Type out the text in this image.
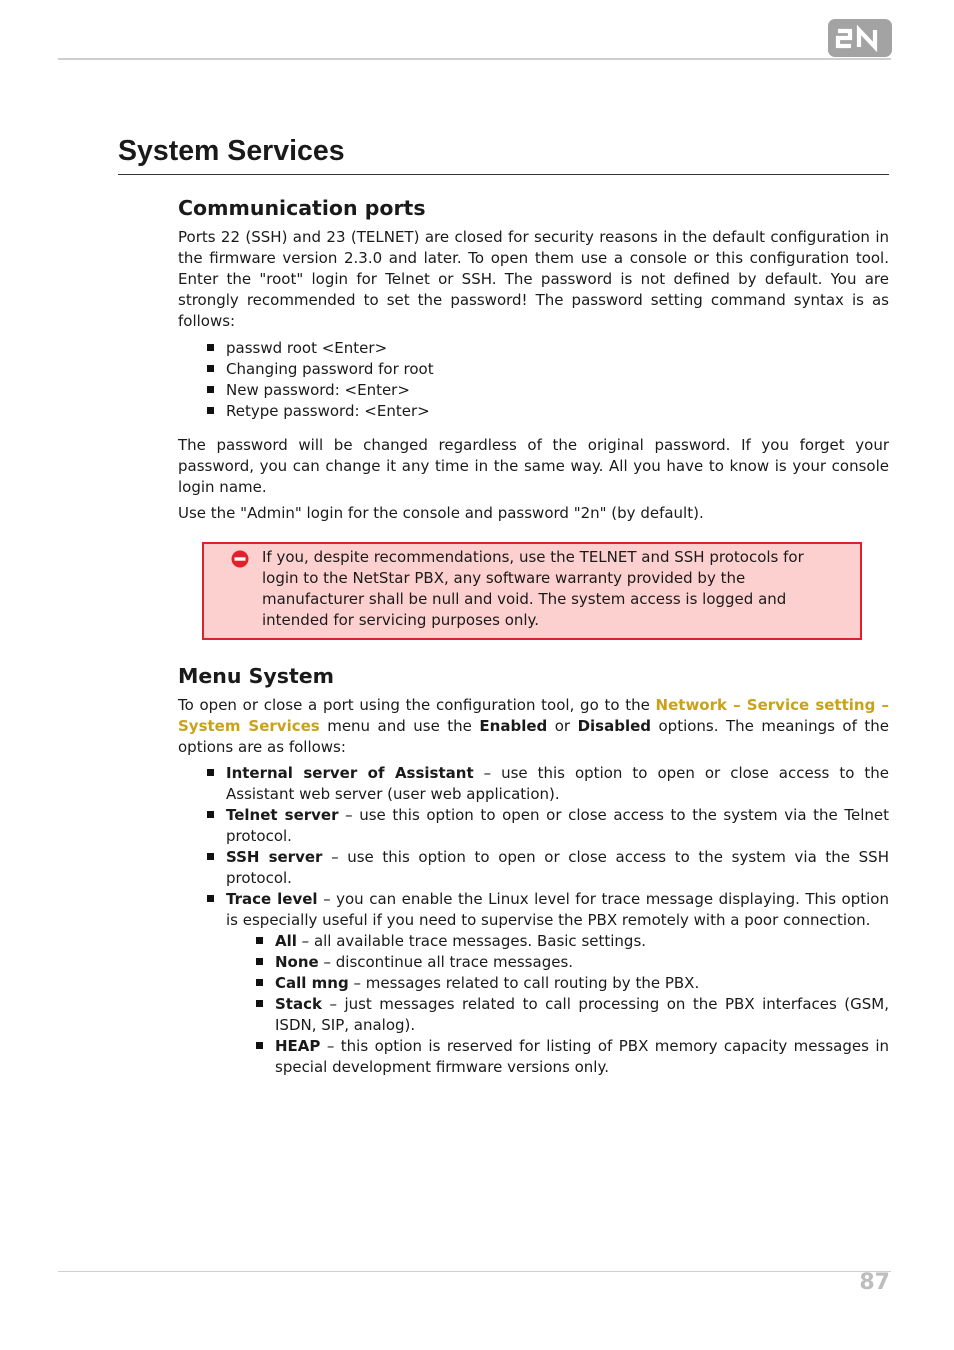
System Services
Communication ports

Ports 22 (SSH) and 23 (TELNET) are closed for security reasons in the default configuration in the firmware version 2.3.0 and later. To open them use a console or this configuration tool. Enter the "root" login for Telnet or SSH. The password is not defined by default. You are strongly recommended to set the password! The password setting command syntax is as follows:

passwd root <Enter>
Changing password for root
New password: <Enter>
Retype password: <Enter>

The password will be changed regardless of the original password. If you forget your password, you can change it any time in the same way. All you have to know is your console login name.

Use the "Admin" login for the console and password "2n" (by default).

If you, despite recommendations, use the TELNET and SSH protocols for login to the NetStar PBX, any software warranty provided by the manufacturer shall be null and void. The system access is logged and intended for servicing purposes only.

Menu System

To open or close a port using the configuration tool, go to the Network – Service setting – System Services menu and use the Enabled or Disabled options. The meanings of the options are as follows:

Internal server of Assistant – use this option to open or close access to the Assistant web server (user web application).
Telnet server – use this option to open or close access to the system via the Telnet protocol.
SSH server – use this option to open or close access to the system via the SSH protocol.
Trace level – you can enable the Linux level for trace message displaying. This option is especially useful if you need to supervise the PBX remotely with a poor connection.
All – all available trace messages. Basic settings.
None – discontinue all trace messages.
Call mng – messages related to call routing by the PBX.
Stack – just messages related to call processing on the PBX interfaces (GSM, ISDN, SIP, analog).
HEAP – this option is reserved for listing of PBX memory capacity messages in special development firmware versions only.
87
